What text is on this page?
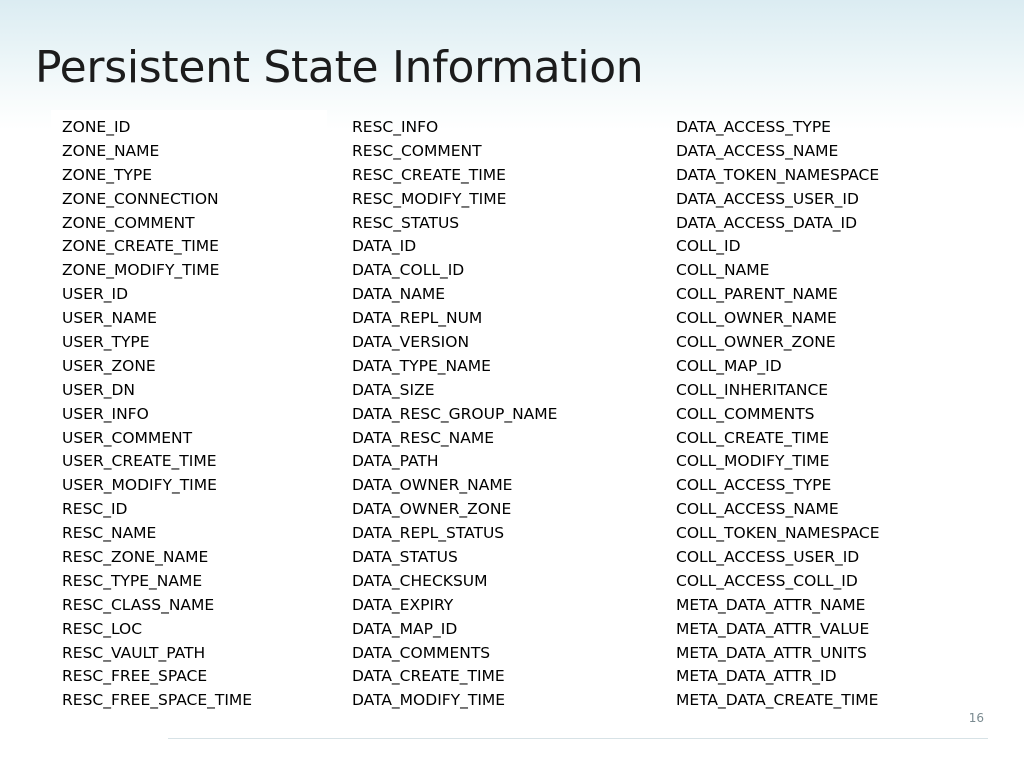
Persistent State Information
ZONE_ID
ZONE_NAME
ZONE_TYPE
ZONE_CONNECTION
ZONE_COMMENT
ZONE_CREATE_TIME
ZONE_MODIFY_TIME
USER_ID
USER_NAME
USER_TYPE
USER_ZONE
USER_DN
USER_INFO
USER_COMMENT
USER_CREATE_TIME
USER_MODIFY_TIME
RESC_ID
RESC_NAME
RESC_ZONE_NAME
RESC_TYPE_NAME
RESC_CLASS_NAME
RESC_LOC
RESC_VAULT_PATH
RESC_FREE_SPACE
RESC_FREE_SPACE_TIME
RESC_INFO
RESC_COMMENT
RESC_CREATE_TIME
RESC_MODIFY_TIME
RESC_STATUS
DATA_ID
DATA_COLL_ID
DATA_NAME
DATA_REPL_NUM
DATA_VERSION
DATA_TYPE_NAME
DATA_SIZE
DATA_RESC_GROUP_NAME
DATA_RESC_NAME
DATA_PATH
DATA_OWNER_NAME
DATA_OWNER_ZONE
DATA_REPL_STATUS
DATA_STATUS
DATA_CHECKSUM
DATA_EXPIRY
DATA_MAP_ID
DATA_COMMENTS
DATA_CREATE_TIME
DATA_MODIFY_TIME
DATA_ACCESS_TYPE
DATA_ACCESS_NAME
DATA_TOKEN_NAMESPACE
DATA_ACCESS_USER_ID
DATA_ACCESS_DATA_ID
COLL_ID
COLL_NAME
COLL_PARENT_NAME
COLL_OWNER_NAME
COLL_OWNER_ZONE
COLL_MAP_ID
COLL_INHERITANCE
COLL_COMMENTS
COLL_CREATE_TIME
COLL_MODIFY_TIME
COLL_ACCESS_TYPE
COLL_ACCESS_NAME
COLL_TOKEN_NAMESPACE
COLL_ACCESS_USER_ID
COLL_ACCESS_COLL_ID
META_DATA_ATTR_NAME
META_DATA_ATTR_VALUE
META_DATA_ATTR_UNITS
META_DATA_ATTR_ID
META_DATA_CREATE_TIME
16
